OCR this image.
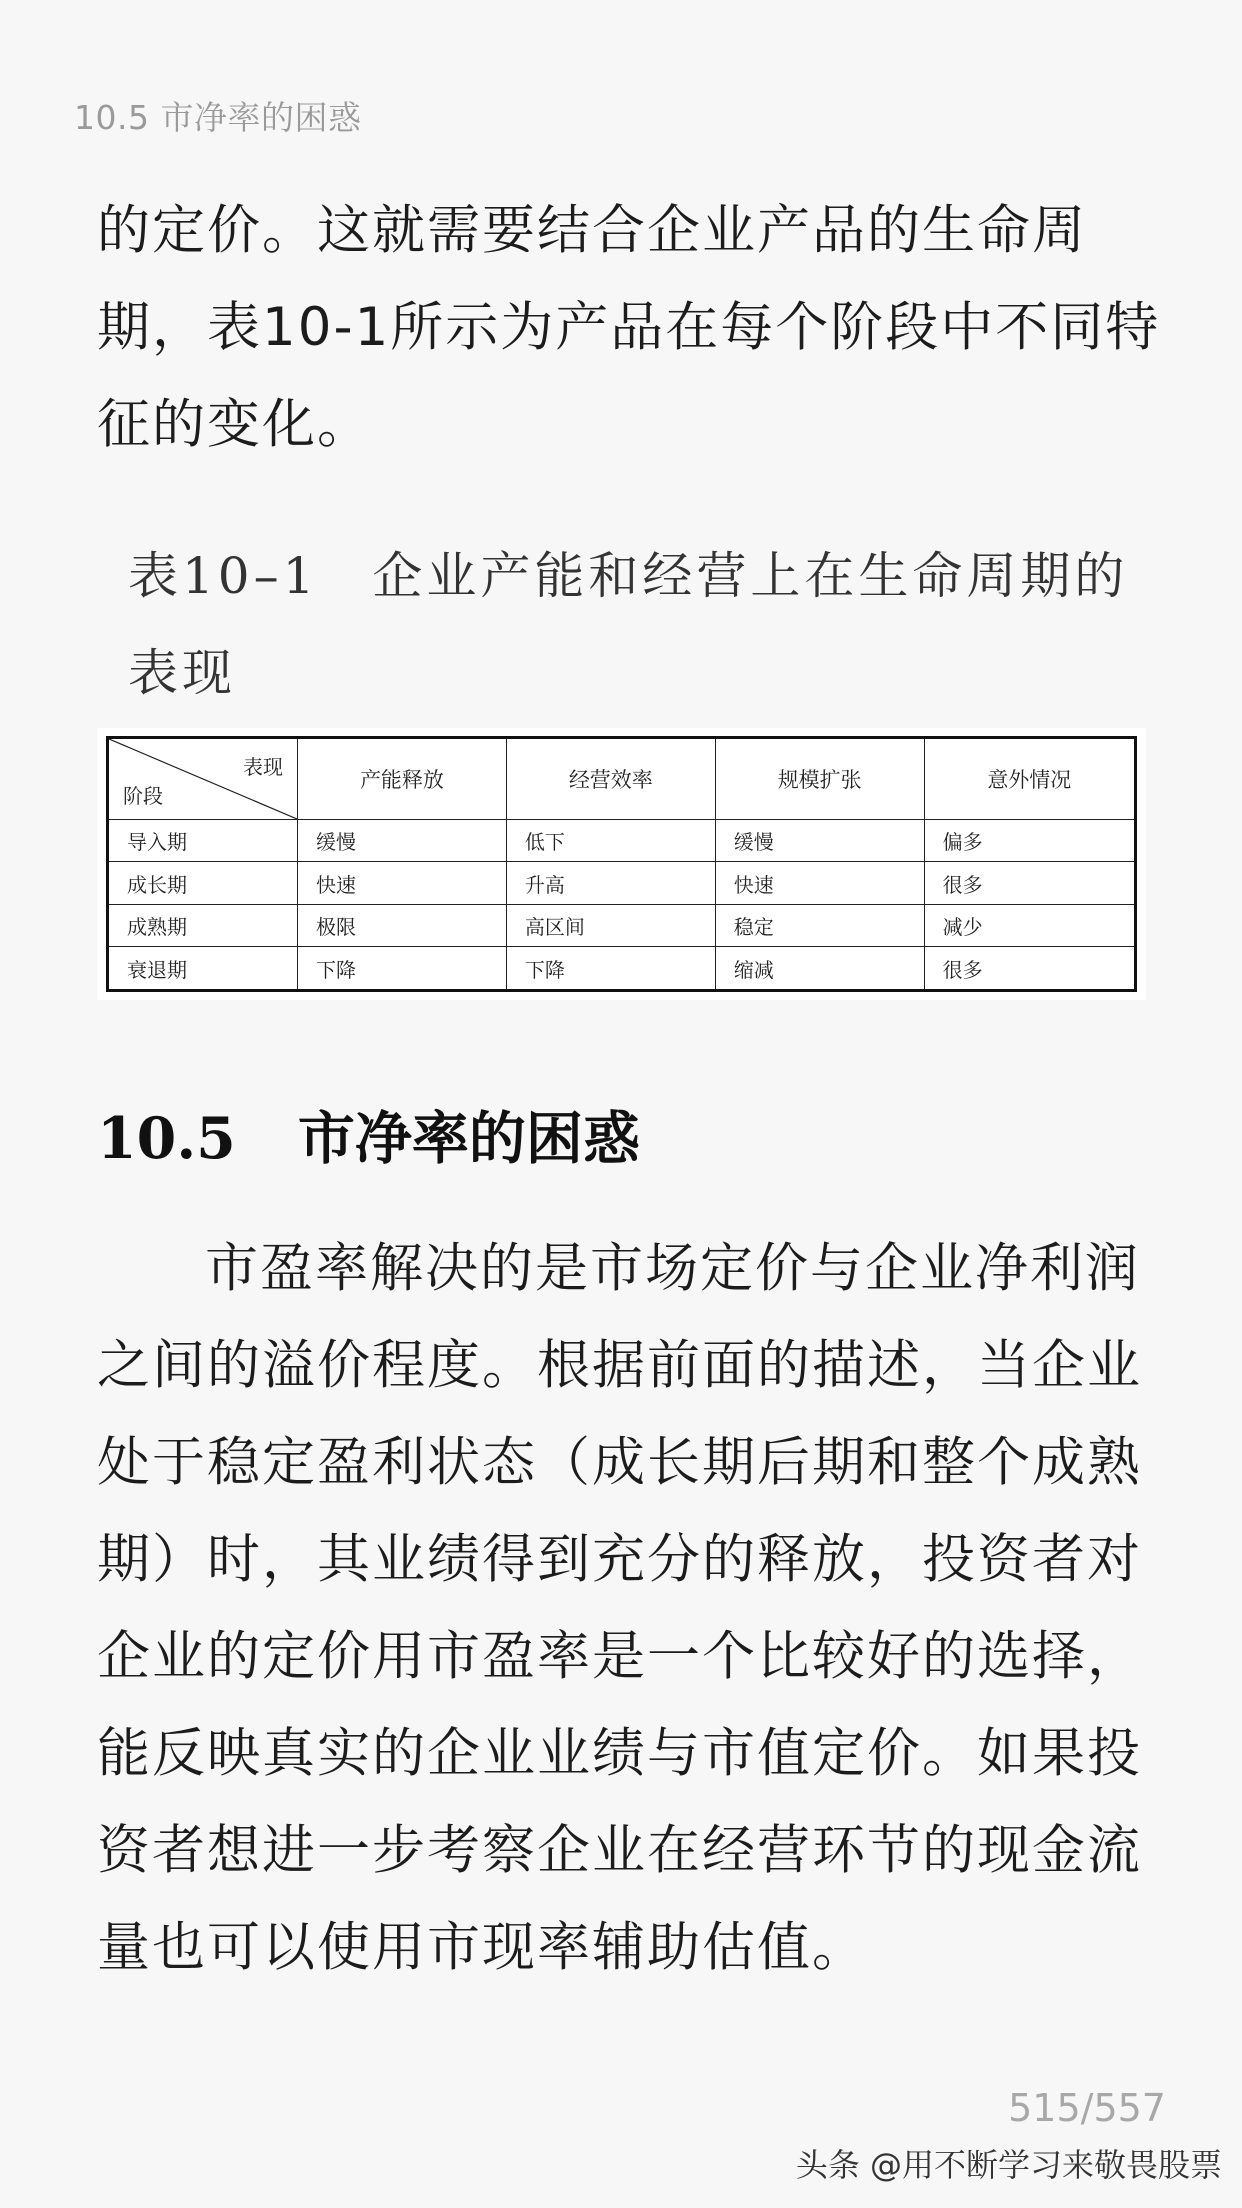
10.5 市净率的困惑
的定价。这就需要结合企业产品的生命周
期，表10-1所示为产品在每个阶段中不同特
征的变化。
表10–1　企业产能和经营上在生命周期的
表现
表现
阶段	产能释放	经营效率	规模扩张	意外情况
导入期	缓慢	低下	缓慢	偏多
成长期	快速	升高	快速	很多
成熟期	极限	高区间	稳定	减少
衰退期	下降	下降	缩减	很多
10.5 市净率的困惑
市盈率解决的是市场定价与企业净利润
之间的溢价程度。根据前面的描述，当企业
处于稳定盈利状态（成长期后期和整个成熟
期）时，其业绩得到充分的释放，投资者对
企业的定价用市盈率是一个比较好的选择，
能反映真实的企业业绩与市值定价。如果投
资者想进一步考察企业在经营环节的现金流
量也可以使用市现率辅助估值。
515/557
头条 @用不断学习来敬畏股票
